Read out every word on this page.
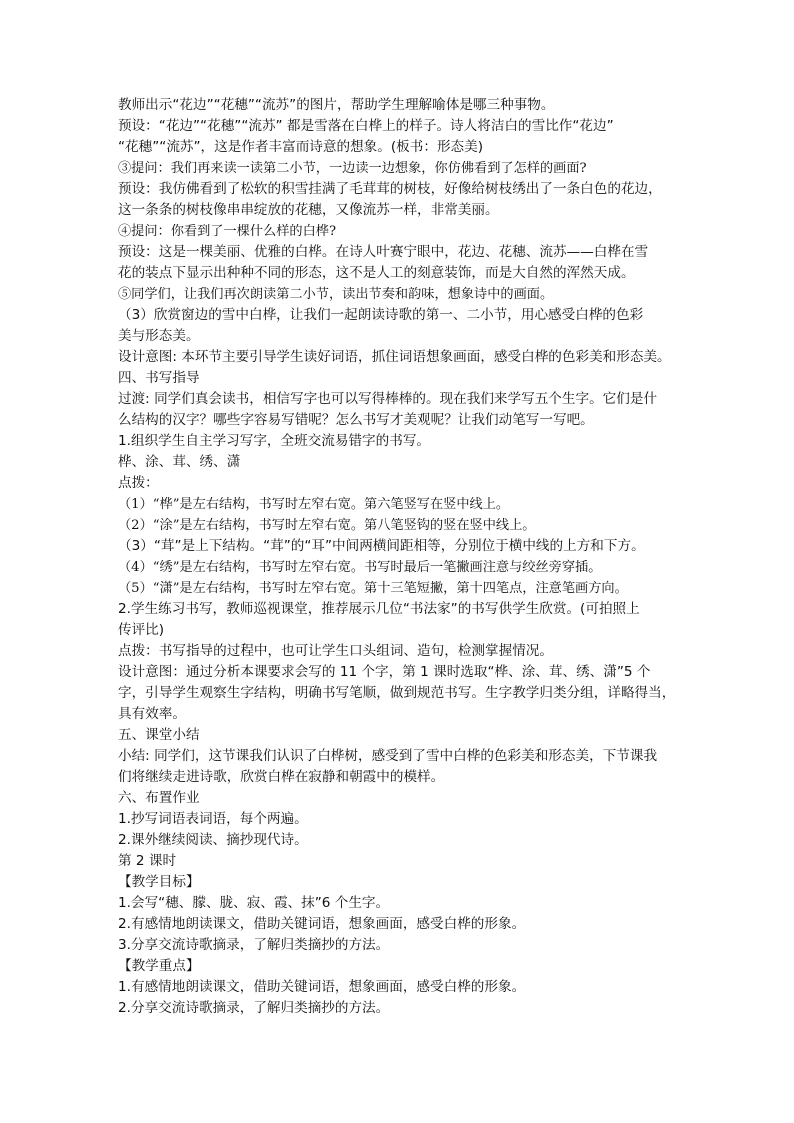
教师出示“花边”“花穗”“流苏”的图片，帮助学生理解喻体是哪三种事物。
预设：“花边”“花穗”“流苏” 都是雪落在白桦上的样子。诗人将洁白的雪比作“花边”
“花穗”“流苏”，这是作者丰富而诗意的想象。(板书：形态美)
③提问：我们再来读一读第二小节，一边读一边想象，你仿佛看到了怎样的画面?
预设：我仿佛看到了松软的积雪挂满了毛茸茸的树枝，好像给树枝绣出了一条白色的花边，
这一条条的树枝像串串绽放的花穗，又像流苏一样，非常美丽。
④提问：你看到了一棵什么样的白桦?
预设：这是一棵美丽、优雅的白桦。在诗人叶赛宁眼中，花边、花穗、流苏——白桦在雪
花的装点下显示出种种不同的形态，这不是人工的刻意装饰，而是大自然的浑然天成。
⑤同学们，让我们再次朗读第二小节，读出节奏和韵味，想象诗中的画面。
（3）欣赏窗边的雪中白桦，让我们一起朗读诗歌的第一、二小节，用心感受白桦的色彩
美与形态美。
设计意图: 本环节主要引导学生读好词语，抓住词语想象画面，感受白桦的色彩美和形态美。
四、书写指导
过渡: 同学们真会读书，相信写字也可以写得棒棒的。现在我们来学写五个生字。它们是什
么结构的汉字？哪些字容易写错呢？怎么书写才美观呢？让我们动笔写一写吧。
1.组织学生自主学习写字，全班交流易错字的书写。
桦、涂、茸、绣、潇
点拨：
（1）“桦”是左右结构，书写时左窄右宽。第六笔竖写在竖中线上。
（2）“涂”是左右结构，书写时左窄右宽。第八笔竖钩的竖在竖中线上。
（3）“茸”是上下结构。“茸”的“耳”中间两横间距相等，分别位于横中线的上方和下方。
（4）“绣”是左右结构，书写时左窄右宽。书写时最后一笔撇画注意与绞丝旁穿插。
（5）“潇”是左右结构，书写时左窄右宽。第十三笔短撇，第十四笔点，注意笔画方向。
2.学生练习书写，教师巡视课堂，推荐展示几位“书法家”的书写供学生欣赏。(可拍照上
传评比)
点拨：书写指导的过程中，也可让学生口头组词、造句，检测掌握情况。
设计意图：通过分析本课要求会写的 11 个字，第 1 课时选取“桦、涂、茸、绣、潇”5 个
字，引导学生观察生字结构，明确书写笔顺，做到规范书写。生字教学归类分组，详略得当，
具有效率。
五、课堂小结
小结: 同学们，这节课我们认识了白桦树，感受到了雪中白桦的色彩美和形态美，下节课我
们将继续走进诗歌，欣赏白桦在寂静和朝霞中的模样。
六、布置作业
1.抄写词语表词语，每个两遍。
2.课外继续阅读、摘抄现代诗。
第 2 课时
【教学目标】
1.会写“穗、朦、胧、寂、霞、抹”6 个生字。
2.有感情地朗读课文，借助关键词语，想象画面，感受白桦的形象。
3.分享交流诗歌摘录，了解归类摘抄的方法。
【教学重点】
1.有感情地朗读课文，借助关键词语，想象画面，感受白桦的形象。
2.分享交流诗歌摘录，了解归类摘抄的方法。
